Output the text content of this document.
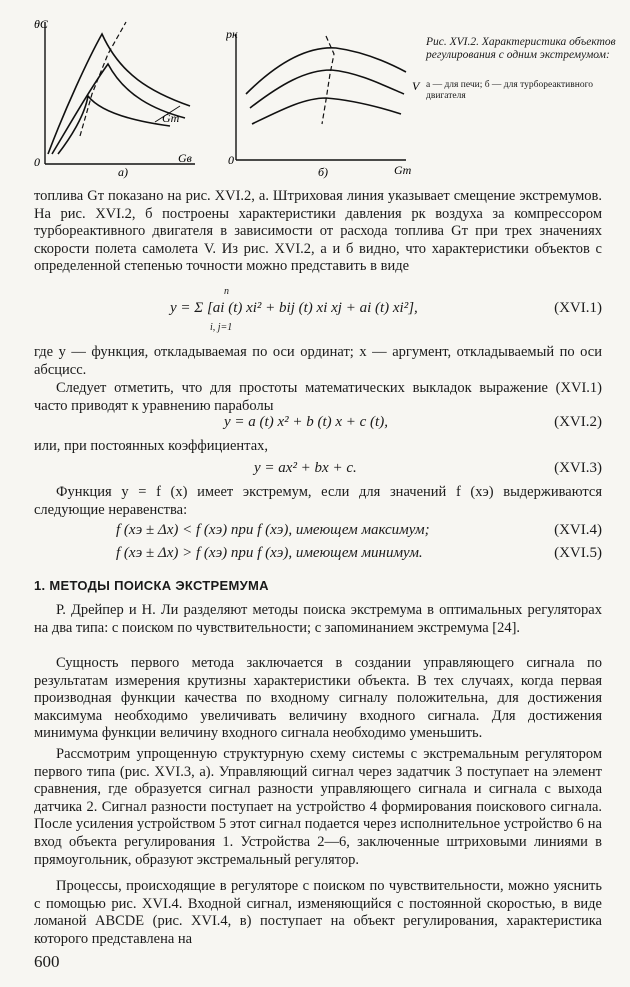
θC
Gт
0	Gв
а)
pк
V
0
Gт
б)
Рис. XVI.2. Характеристика объектов регулирования с одним экстремумом:
а — для печи; б — для турбореактивного двигателя

топлива Gт показано на рис. XVI.2, а. Штриховая линия указывает смещение экстремумов. На рис. XVI.2, б построены характеристики давления pк воздуха за компрессором турбореактивного двигателя в зависимости от расхода топлива Gт при трех значениях скорости полета самолета V. Из рис. XVI.2, а и б видно, что характеристики объектов с определенной степенью точности можно представить в виде

y = Σ [ai (t) xi² + bij (t) xi xj + ai (t) xi²],
n
i, j=1
(XVI.1)

где y — функция, откладываемая по оси ординат; x — аргумент, откладываемый по оси абсцисс.

Следует отметить, что для простоты математических выкладок выражение (XVI.1) часто приводят к уравнению параболы

y = a (t) x² + b (t) x + c (t),	(XVI.2)

или, при постоянных коэффициентах,

y = ax² + bx + c.	(XVI.3)

Функция y = f (x) имеет экстремум, если для значений f (xэ) выдерживаются следующие неравенства:

f (xэ ± Δx) < f (xэ) при f (xэ), имеющем максимум;	(XVI.4)
f (xэ ± Δx) > f (xэ) при f (xэ), имеющем минимум.	(XVI.5)
1. МЕТОДЫ ПОИСКА ЭКСТРЕМУМА

Р. Дрейпер и Н. Ли разделяют методы поиска экстремума в оптимальных регуляторах на два типа: с поиском по чувствительности; с запоминанием экстремума [24].

Сущность первого метода заключается в создании управляющего сигнала по результатам измерения крутизны характеристики объекта. В тех случаях, когда первая производная функции качества по входному сигналу положительна, для достижения максимума необходимо увеличивать величину входного сигнала. Для достижения минимума функции величину входного сигнала необходимо уменьшить.

Рассмотрим упрощенную структурную схему системы с экстремальным регулятором первого типа (рис. XVI.3, а). Управляющий сигнал через задатчик 3 поступает на элемент сравнения, где образуется сигнал разности управляющего сигнала и сигнала с выхода датчика 2. Сигнал разности поступает на устройство 4 формирования поискового сигнала. После усиления устройством 5 этот сигнал подается через исполнительное устройство 6 на вход объекта регулирования 1. Устройства 2—6, заключенные штриховыми линиями в прямоугольник, образуют экстремальный регулятор.

Процессы, происходящие в регуляторе с поиском по чувствительности, можно уяснить с помощью рис. XVI.4. Входной сигнал, изменяющийся с постоянной скоростью, в виде ломаной ABCDE (рис. XVI.4, в) поступает на объект регулирования, характеристика которого представлена на

600
